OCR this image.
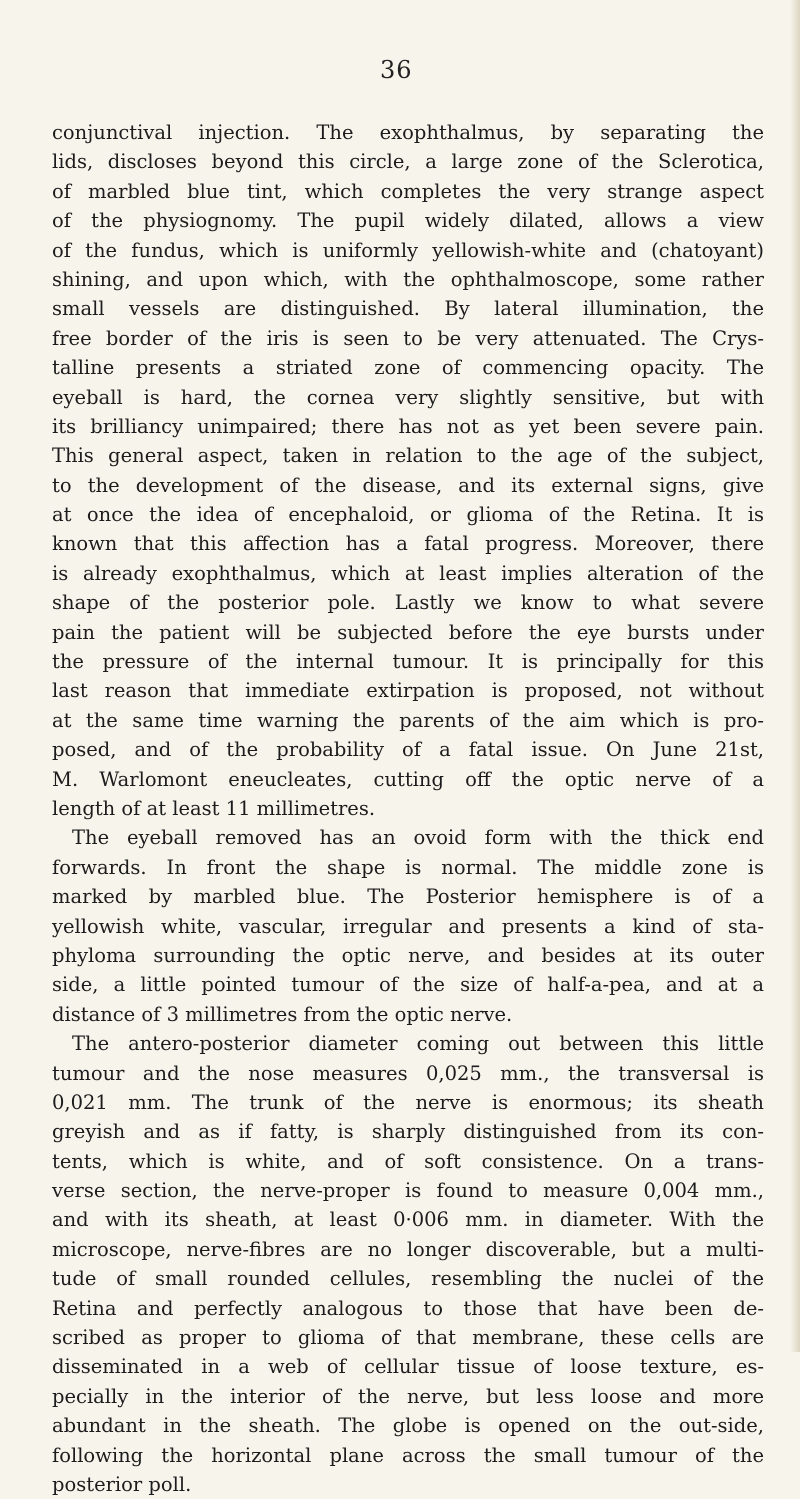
36
conjunctival injection. The exophthalmus, by separating the
lids, discloses beyond this circle, a large zone of the Sclerotica,
of marbled blue tint, which completes the very strange aspect
of the physiognomy. The pupil widely dilated, allows a view
of the fundus, which is uniformly yellowish-white and (chatoyant)
shining, and upon which, with the ophthalmoscope, some rather
small vessels are distinguished. By lateral illumination, the
free border of the iris is seen to be very attenuated. The Crys-
talline presents a striated zone of commencing opacity. The
eyeball is hard, the cornea very slightly sensitive, but with
its brilliancy unimpaired; there has not as yet been severe pain.
This general aspect, taken in relation to the age of the subject,
to the development of the disease, and its external signs, give
at once the idea of encephaloid, or glioma of the Retina. It is
known that this affection has a fatal progress. Moreover, there
is already exophthalmus, which at least implies alteration of the
shape of the posterior pole. Lastly we know to what severe
pain the patient will be subjected before the eye bursts under
the pressure of the internal tumour. It is principally for this
last reason that immediate extirpation is proposed, not without
at the same time warning the parents of the aim which is pro-
posed, and of the probability of a fatal issue. On June 21st,
M. Warlomont eneucleates, cutting off the optic nerve of a
length of at least 11 millimetres.
The eyeball removed has an ovoid form with the thick end
forwards. In front the shape is normal. The middle zone is
marked by marbled blue. The Posterior hemisphere is of a
yellowish white, vascular, irregular and presents a kind of sta-
phyloma surrounding the optic nerve, and besides at its outer
side, a little pointed tumour of the size of half-a-pea, and at a
distance of 3 millimetres from the optic nerve.
The antero-posterior diameter coming out between this little
tumour and the nose measures 0,025 mm., the transversal is
0,021 mm. The trunk of the nerve is enormous; its sheath
greyish and as if fatty, is sharply distinguished from its con-
tents, which is white, and of soft consistence. On a trans-
verse section, the nerve-proper is found to measure 0,004 mm.,
and with its sheath, at least 0·006 mm. in diameter. With the
microscope, nerve-fibres are no longer discoverable, but a multi-
tude of small rounded cellules, resembling the nuclei of the
Retina and perfectly analogous to those that have been de-
scribed as proper to glioma of that membrane, these cells are
disseminated in a web of cellular tissue of loose texture, es-
pecially in the interior of the nerve, but less loose and more
abundant in the sheath. The globe is opened on the out-side,
following the horizontal plane across the small tumour of the
posterior poll.
